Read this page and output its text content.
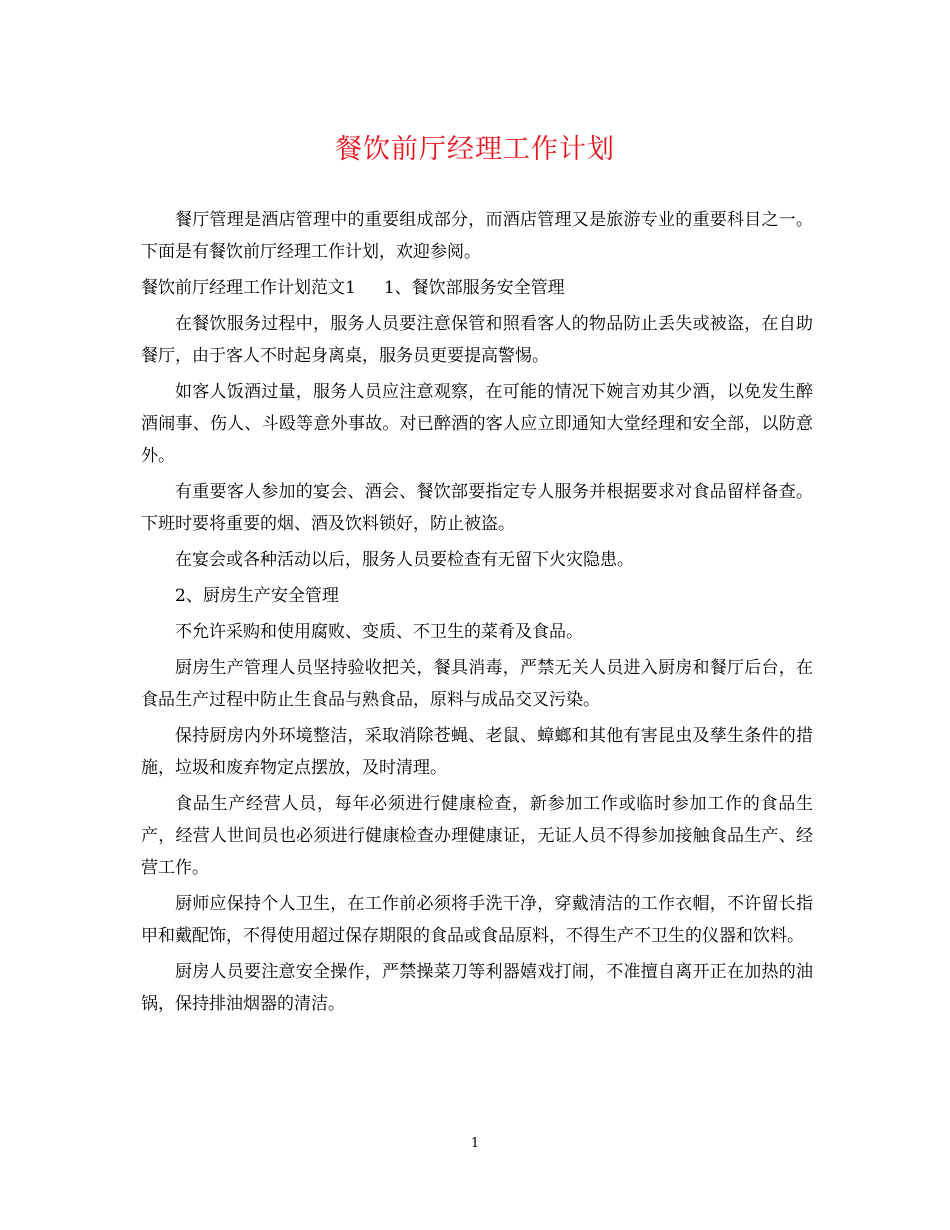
餐饮前厅经理工作计划

餐厅管理是酒店管理中的重要组成部分，而酒店管理又是旅游专业的重要科目之一。下面是有餐饮前厅经理工作计划，欢迎参阅。

餐饮前厅经理工作计划范文1 1、餐饮部服务安全管理

在餐饮服务过程中，服务人员要注意保管和照看客人的物品防止丢失或被盗，在自助餐厅，由于客人不时起身离桌，服务员更要提高警惕。

如客人饭酒过量，服务人员应注意观察，在可能的情况下婉言劝其少酒，以免发生醉酒闹事、伤人、斗殴等意外事故。对已醉酒的客人应立即通知大堂经理和安全部，以防意外。

有重要客人参加的宴会、酒会、餐饮部要指定专人服务并根据要求对食品留样备查。下班时要将重要的烟、酒及饮料锁好，防止被盗。

在宴会或各种活动以后，服务人员要检查有无留下火灾隐患。

2、厨房生产安全管理

不允许采购和使用腐败、变质、不卫生的菜肴及食品。

厨房生产管理人员坚持验收把关，餐具消毒，严禁无关人员进入厨房和餐厅后台，在食品生产过程中防止生食品与熟食品，原料与成品交叉污染。

保持厨房内外环境整洁，采取消除苍蝇、老鼠、蟑螂和其他有害昆虫及孳生条件的措施，垃圾和废弃物定点摆放，及时清理。

食品生产经营人员，每年必须进行健康检查，新参加工作或临时参加工作的食品生产，经营人世间员也必须进行健康检查办理健康证，无证人员不得参加接触食品生产、经营工作。

厨师应保持个人卫生，在工作前必须将手洗干净，穿戴清洁的工作衣帽，不许留长指甲和戴配饰，不得使用超过保存期限的食品或食品原料，不得生产不卫生的仪器和饮料。

厨房人员要注意安全操作，严禁操菜刀等利器嬉戏打闹，不准擅自离开正在加热的油锅，保持排油烟器的清洁。

1
